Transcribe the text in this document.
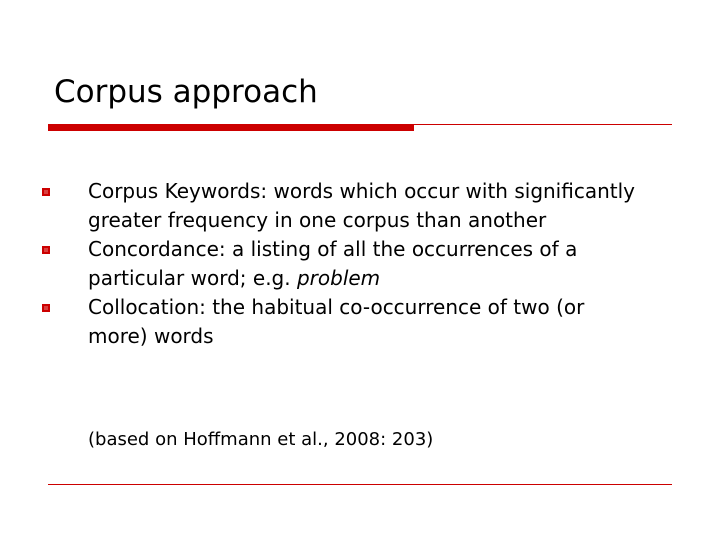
Corpus approach
Corpus Keywords: words which occur with significantly greater frequency in one corpus than another
Concordance: a listing of all the occurrences of a particular word; e.g. problem
Collocation: the habitual co-occurrence of two (or more) words
(based on Hoffmann et al., 2008: 203)
